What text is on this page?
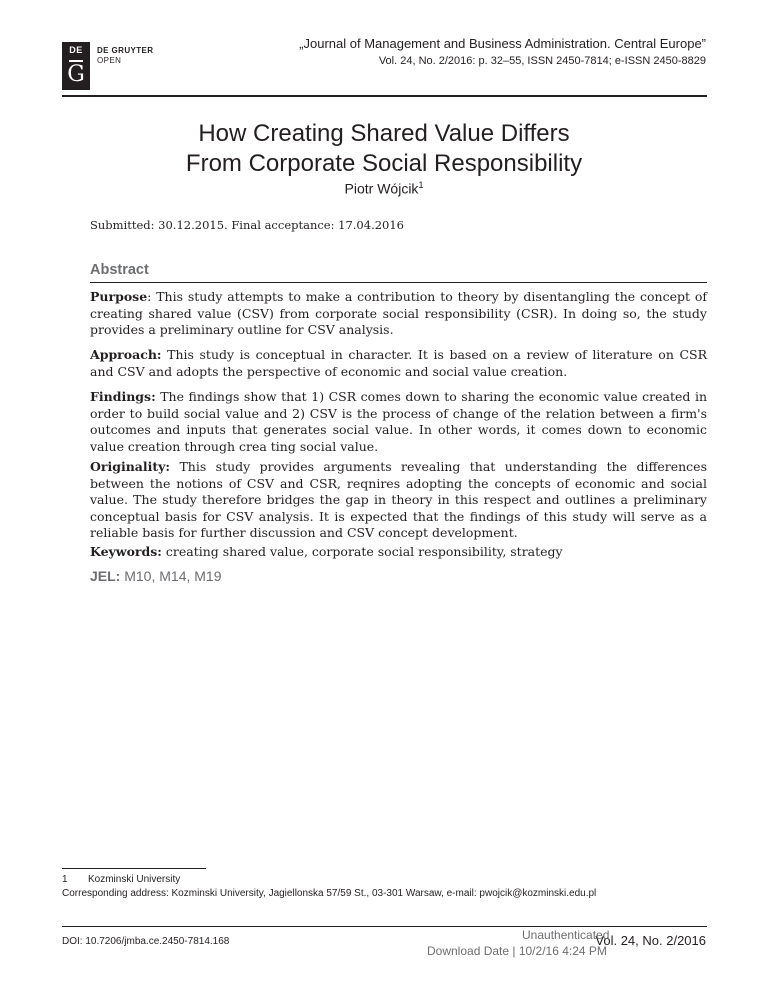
DE
G
DE GRUYTER
OPEN
„Journal of Management and Business Administration. Central Europe”
Vol. 24, No. 2/2016: p. 32–55, ISSN 2450-7814; e-ISSN 2450-8829
How Creating Shared Value Differs
From Corporate Social Responsibility
Piotr Wójcik$^1$
Submitted: 30.12.2015. Final acceptance: 17.04.2016
Abstract
Purpose: This study attempts to make a contribution to theory by disentangling the concept of creating shared value (CSV) from corporate social responsibility (CSR). In doing so, the study provides a preliminary outline for CSV analysis.
Approach: This study is conceptual in character. It is based on a review of literature on CSR and CSV and adopts the perspective of economic and social value creation.
Findings: The findings show that 1) CSR comes down to sharing the economic value created in order to build social value and 2) CSV is the process of change of the relation between a firm's outcomes and inputs that generates social value. In other words, it comes down to economic value creation through crea ting social value.
Originality: This study provides arguments revealing that understanding the differences between the notions of CSV and CSR, reqnires adopting the concepts of economic and social value. The study therefore bridges the gap in theory in this respect and outlines a preliminary conceptual basis for CSV analysis. It is expected that the findings of this study will serve as a reliable basis for further discussion and CSV concept development.
Keywords: creating shared value, corporate social responsibility, strategy
JEL: M10, M14, M19
1 Kozminski University
Corresponding address: Kozminski University, Jagiellonska 57/59 St., 03-301 Warsaw, e-mail: pwojcik@kozminski.edu.pl
DOI: 10.7206/jmba.ce.2450-7814.168	Vol. 24, No. 2/2016
Unauthenticated
Download Date | 10/2/16 4:24 PM
